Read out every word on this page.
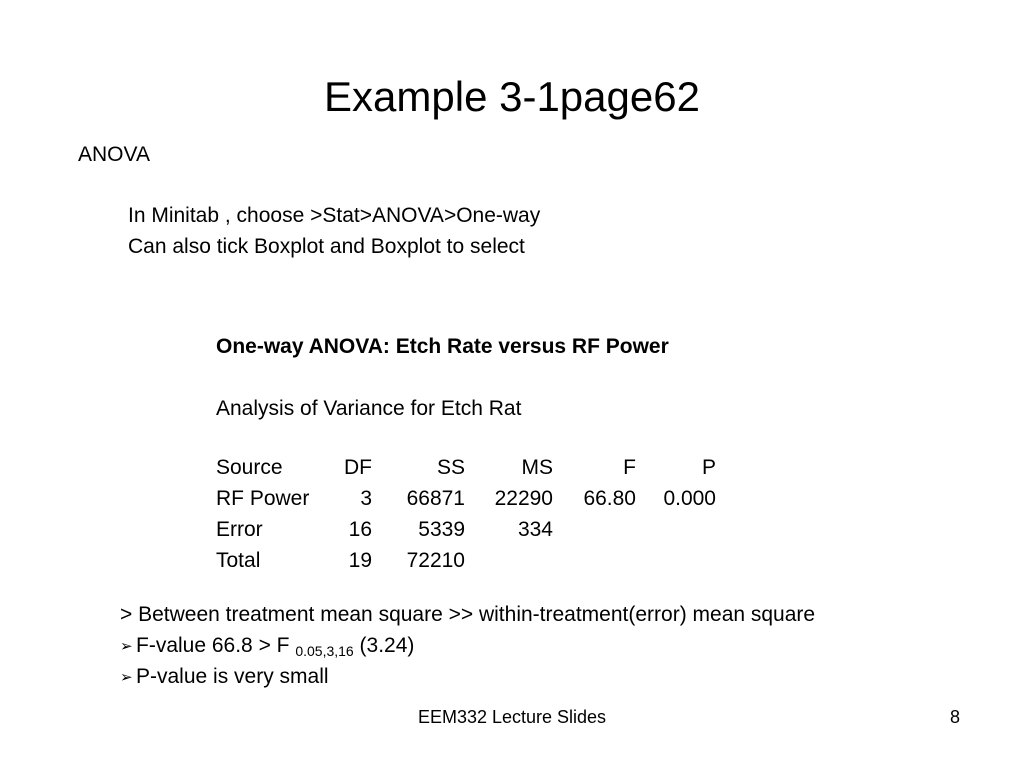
Example 3-1page62
ANOVA
In Minitab , choose >Stat>ANOVA>One-way
Can also tick Boxplot and Boxplot to select
One-way ANOVA: Etch Rate versus RF Power
Analysis of Variance for Etch Rat
Source	DF	SS	MS	F	P
RF Power	3	66871	22290	66.80	0.000
Error	16	5339	334		
Total	19	72210			
> Between treatment mean square >> within-treatment(error) mean square
➢ F-value 66.8 > F $_{0.05,3,16}$ (3.24)
➢ P-value is very small
EEM332 Lecture Slides	8
